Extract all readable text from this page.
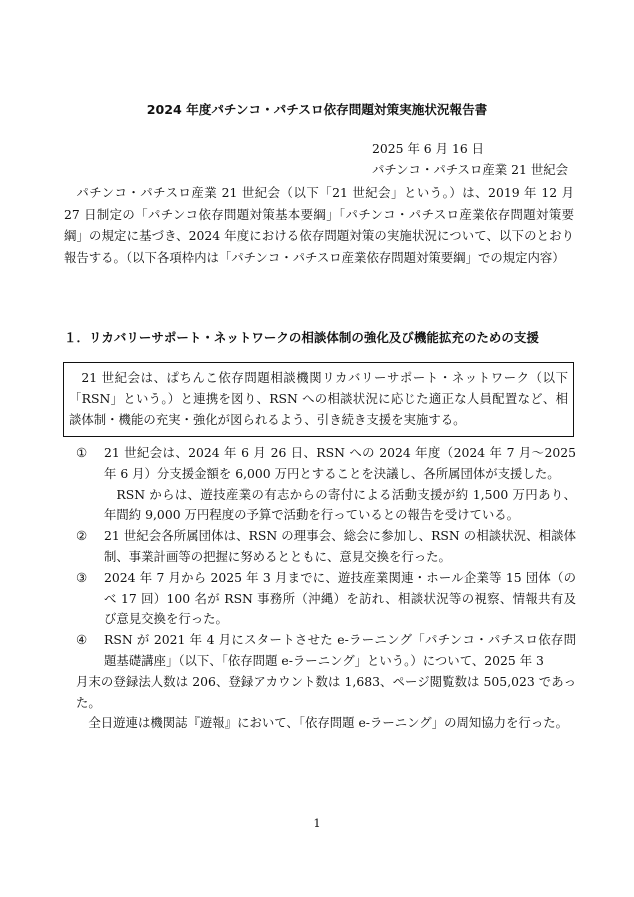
2024 年度パチンコ・パチスロ依存問題対策実施状況報告書
2025 年 6 月 16 日
パチンコ・パチスロ産業 21 世紀会
パチンコ・パチスロ産業 21 世紀会（以下「21 世紀会」という。）は、2019 年 12 月 27 日制定の「パチンコ依存問題対策基本要綱」「パチンコ・パチスロ産業依存問題対策要綱」の規定に基づき、2024 年度における依存問題対策の実施状況について、以下のとおり報告する。（以下各項枠内は「パチンコ・パチスロ産業依存問題対策要綱」での規定内容）
１．リカバリーサポート・ネットワークの相談体制の強化及び機能拡充のための支援

21 世紀会は、ぱちんこ依存問題相談機関リカバリーサポート・ネットワーク（以下「RSN」という。）と連携を図り、RSN への相談状況に応じた適正な人員配置など、相談体制・機能の充実・強化が図られるよう、引き続き支援を実施する。

①	21 世紀会は、2024 年 6 月 26 日、RSN への 2024 年度（2024 年 7 月～2025 年 6 月）分支援金額を 6,000 万円とすることを決議し、各所属団体が支援した。

RSN からは、遊技産業の有志からの寄付による活動支援が約 1,500 万円あり、年間約 9,000 万円程度の予算で活動を行っているとの報告を受けている。

②	21 世紀会各所属団体は、RSN の理事会、総会に参加し、RSN の相談状況、相談体制、事業計画等の把握に努めるとともに、意見交換を行った。

③	2024 年 7 月から 2025 年 3 月までに、遊技産業関連・ホール企業等 15 団体（のべ 17 回）100 名が RSN 事務所（沖縄）を訪れ、相談状況等の視察、情報共有及び意見交換を行った。

④	RSN が 2021 年 4 月にスタートさせた e-ラーニング「パチンコ・パチスロ依存問題基礎講座」（以下、「依存問題 e-ラーニング」という。）について、2025 年 3

月末の登録法人数は 206、登録アカウント数は 1,683、ページ閲覧数は 505,023 であった。

全日遊連は機関誌『遊報』において、「依存問題 e-ラーニング」の周知協力を行った。

1
